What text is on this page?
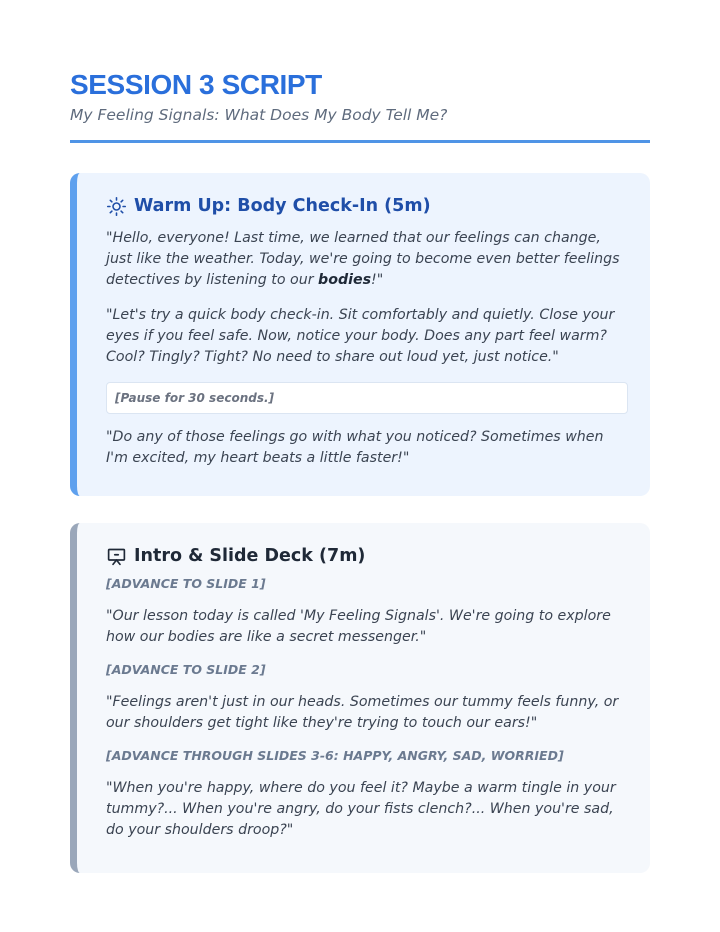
SESSION 3 SCRIPT

My Feeling Signals: What Does My Body Tell Me?

Warm Up: Body Check-In (5m)

"Hello, everyone! Last time, we learned that our feelings can change, just like the weather. Today, we're going to become even better feelings detectives by listening to our bodies!"

"Let's try a quick body check-in. Sit comfortably and quietly. Close your eyes if you feel safe. Now, notice your body. Does any part feel warm? Cool? Tingly? Tight? No need to share out loud yet, just notice."

[Pause for 30 seconds.]

"Do any of those feelings go with what you noticed? Sometimes when I'm excited, my heart beats a little faster!"

Intro & Slide Deck (7m)

[ADVANCE TO SLIDE 1]

"Our lesson today is called 'My Feeling Signals'. We're going to explore how our bodies are like a secret messenger."

[ADVANCE TO SLIDE 2]

"Feelings aren't just in our heads. Sometimes our tummy feels funny, or our shoulders get tight like they're trying to touch our ears!"

[ADVANCE THROUGH SLIDES 3-6: HAPPY, ANGRY, SAD, WORRIED]

"When you're happy, where do you feel it? Maybe a warm tingle in your tummy?... When you're angry, do your fists clench?... When you're sad, do your shoulders droop?"
